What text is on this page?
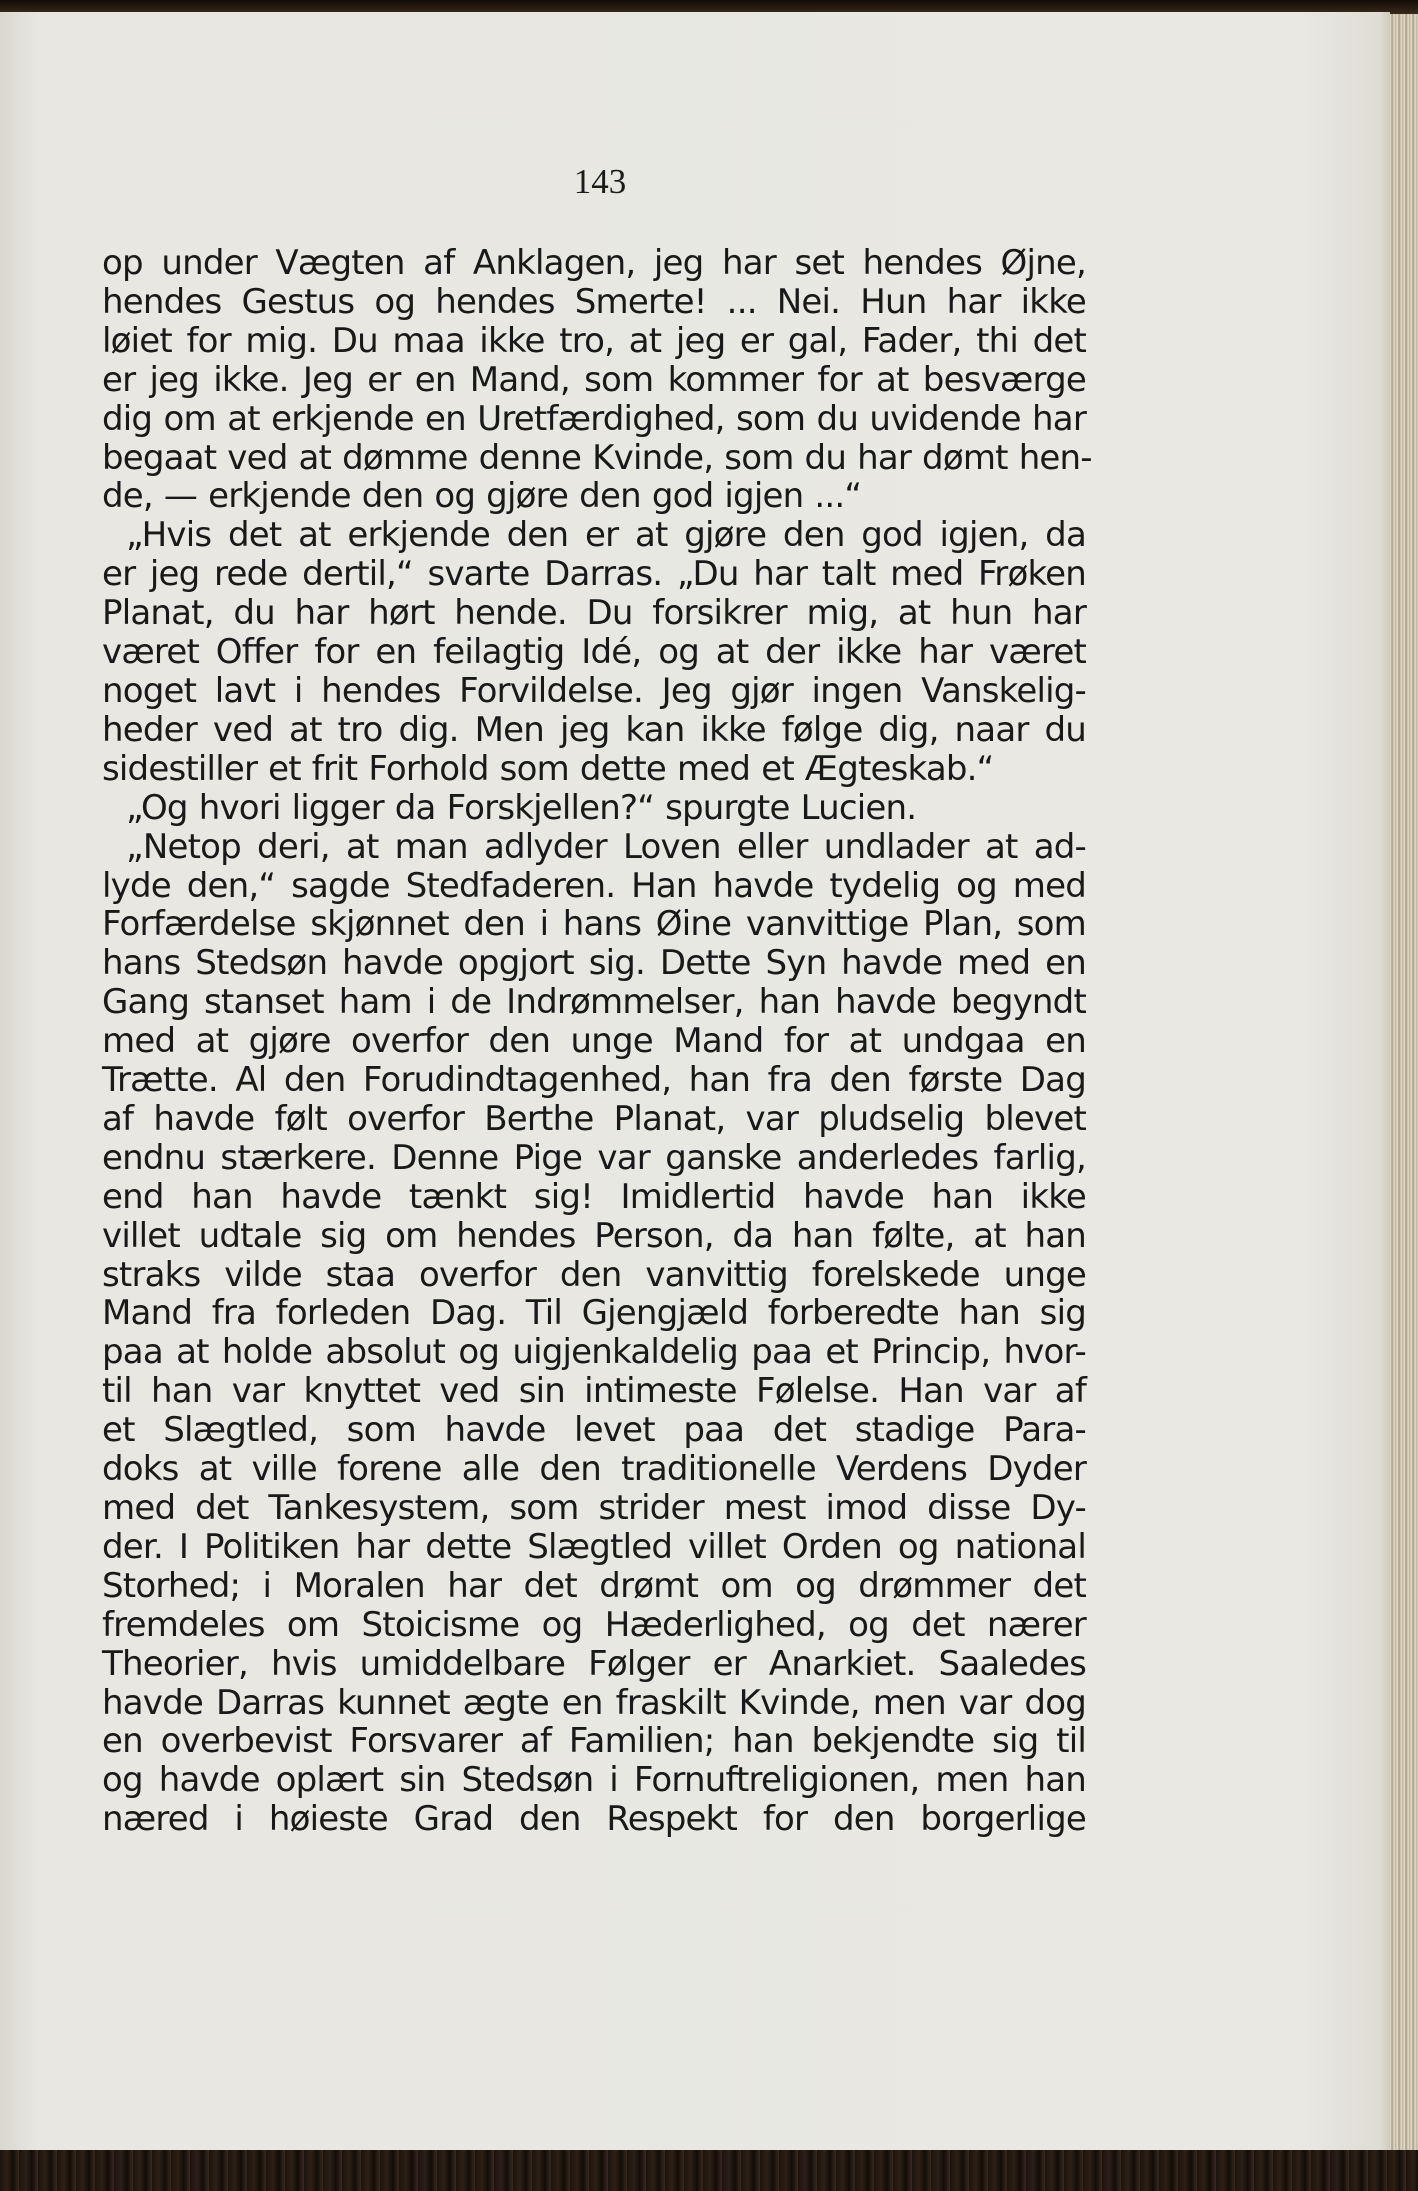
143
op under Vægten af Anklagen, jeg har set hendes Øjne,
hendes Gestus og hendes Smerte! ... Nei. Hun har ikke
løiet for mig. Du maa ikke tro, at jeg er gal, Fader, thi det
er jeg ikke. Jeg er en Mand, som kommer for at besværge
dig om at erkjende en Uretfærdighed, som du uvidende har
begaat ved at dømme denne Kvinde, som du har dømt hen-
de, — erkjende den og gjøre den god igjen ...“
„Hvis det at erkjende den er at gjøre den god igjen, da
er jeg rede dertil,“ svarte Darras. „Du har talt med Frøken
Planat, du har hørt hende. Du forsikrer mig, at hun har
været Offer for en feilagtig Idé, og at der ikke har været
noget lavt i hendes Forvildelse. Jeg gjør ingen Vanskelig-
heder ved at tro dig. Men jeg kan ikke følge dig, naar du
sidestiller et frit Forhold som dette med et Ægteskab.“
„Og hvori ligger da Forskjellen?“ spurgte Lucien.
„Netop deri, at man adlyder Loven eller undlader at ad-
lyde den,“ sagde Stedfaderen. Han havde tydelig og med
Forfærdelse skjønnet den i hans Øine vanvittige Plan, som
hans Stedsøn havde opgjort sig. Dette Syn havde med en
Gang stanset ham i de Indrømmelser, han havde begyndt
med at gjøre overfor den unge Mand for at undgaa en
Trætte. Al den Forudindtagenhed, han fra den første Dag
af havde følt overfor Berthe Planat, var pludselig blevet
endnu stærkere. Denne Pige var ganske anderledes farlig,
end han havde tænkt sig! Imidlertid havde han ikke
villet udtale sig om hendes Person, da han følte, at han
straks vilde staa overfor den vanvittig forelskede unge
Mand fra forleden Dag. Til Gjengjæld forberedte han sig
paa at holde absolut og uigjenkaldelig paa et Princip, hvor-
til han var knyttet ved sin intimeste Følelse. Han var af
et Slægtled, som havde levet paa det stadige Para-
doks at ville forene alle den traditionelle Verdens Dyder
med det Tankesystem, som strider mest imod disse Dy-
der. I Politiken har dette Slægtled villet Orden og national
Storhed; i Moralen har det drømt om og drømmer det
fremdeles om Stoicisme og Hæderlighed, og det nærer
Theorier, hvis umiddelbare Følger er Anarkiet. Saaledes
havde Darras kunnet ægte en fraskilt Kvinde, men var dog
en overbevist Forsvarer af Familien; han bekjendte sig til
og havde oplært sin Stedsøn i Fornuftreligionen, men han
næred i høieste Grad den Respekt for den borgerlige
